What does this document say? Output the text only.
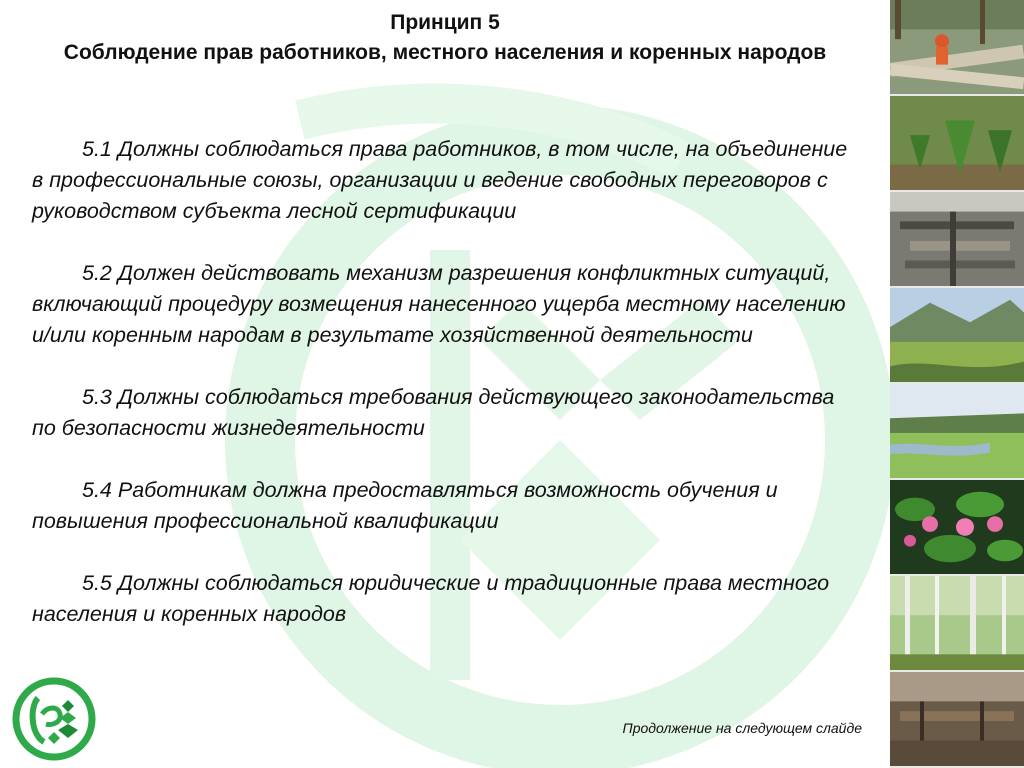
Принцип 5
Соблюдение прав работников, местного населения и коренных народов

5.1 Должны соблюдаться права работников, в том числе, на объединение в профессиональные союзы, организации и ведение свободных переговоров с руководством субъекта лесной сертификации

5.2 Должен действовать механизм разрешения конфликтных ситуаций, включающий процедуру возмещения нанесенного ущерба местному населению и/или коренным народам в результате хозяйственной деятельности

5.3 Должны соблюдаться требования действующего законодательства по безопасности жизнедеятельности

5.4 Работникам должна предоставляться возможность обучения и повышения профессиональной квалификации

5.5 Должны соблюдаться юридические и традиционные права местного населения и коренных народов

Продолжение на следующем слайде
